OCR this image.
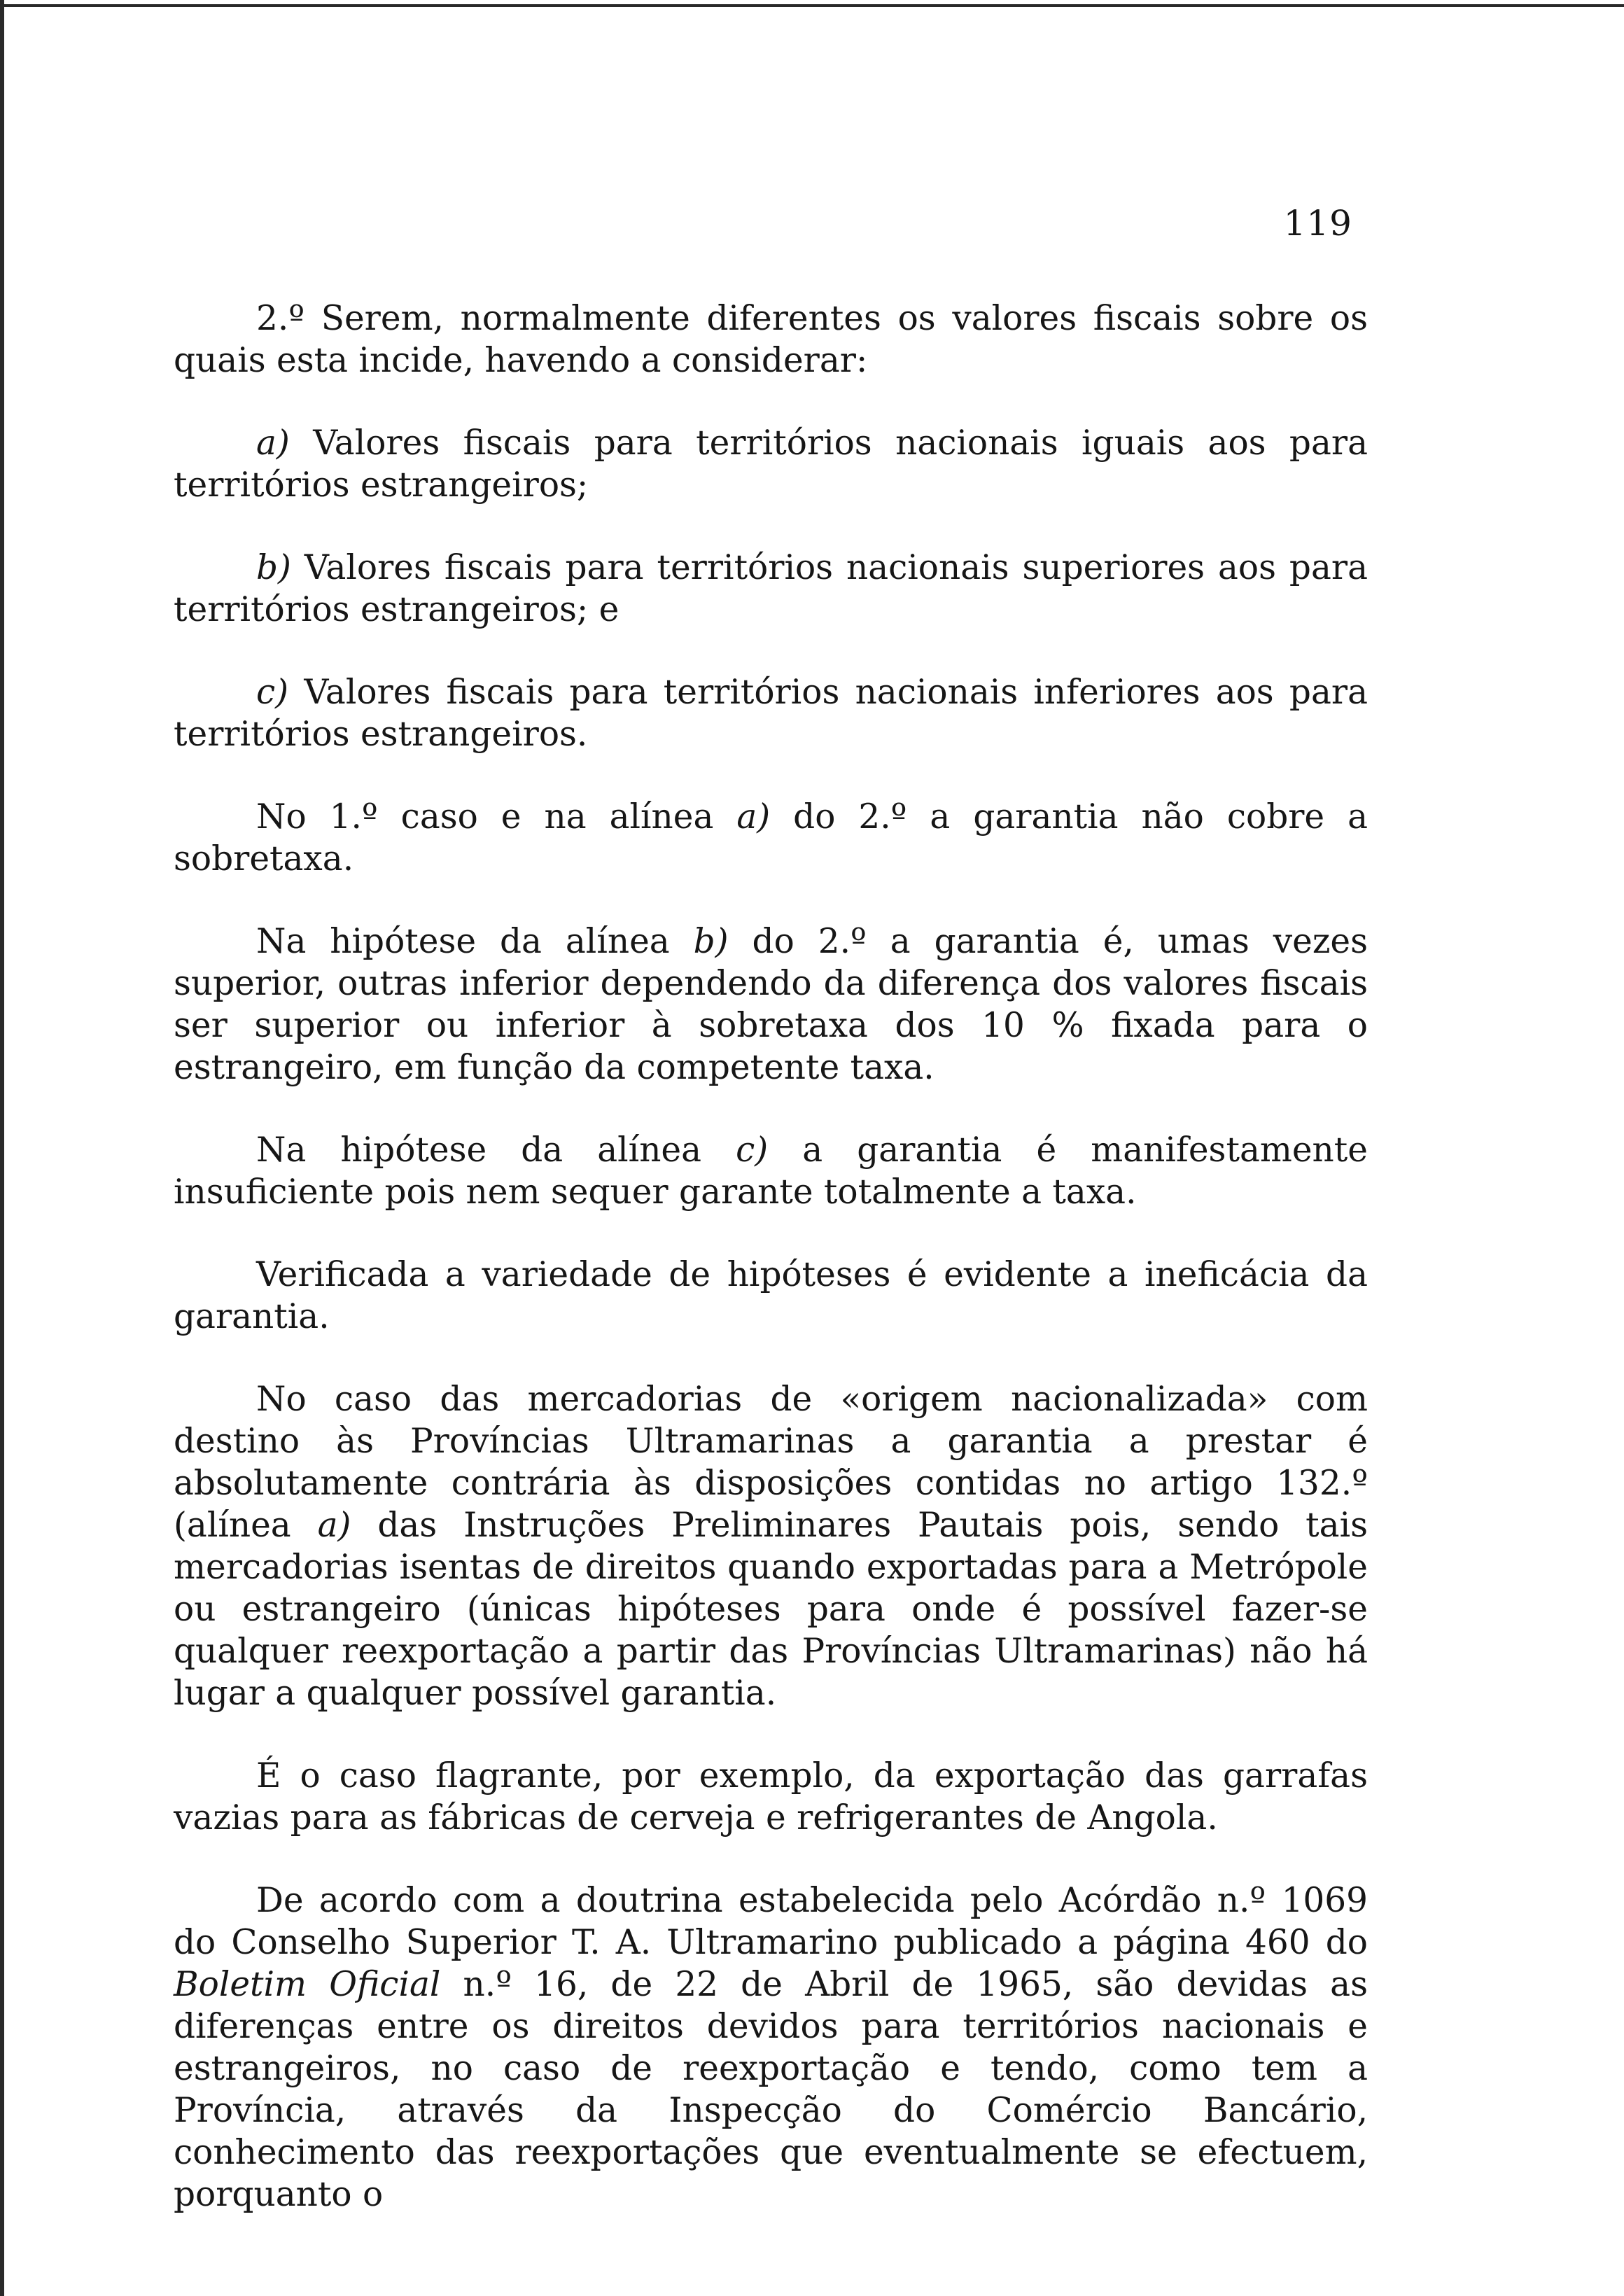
119

2.º Serem, normalmente diferentes os valores fiscais sobre os quais esta incide, havendo a considerar:

a) Valores fiscais para territórios nacionais iguais aos para territórios estrangeiros;

b) Valores fiscais para territórios nacionais superiores aos para territórios estrangeiros; e

c) Valores fiscais para territórios nacionais inferiores aos para territórios estrangeiros.

No 1.º caso e na alínea a) do 2.º a garantia não cobre a sobretaxa.

Na hipótese da alínea b) do 2.º a garantia é, umas vezes superior, outras inferior dependendo da diferença dos valores fiscais ser superior ou inferior à sobretaxa dos 10 % fixada para o estrangeiro, em função da competente taxa.

Na hipótese da alínea c) a garantia é manifestamente insuficiente pois nem sequer garante totalmente a taxa.

Verificada a variedade de hipóteses é evidente a ineficácia da garantia.

No caso das mercadorias de «origem nacionalizada» com destino às Províncias Ultramarinas a garantia a prestar é absolutamente contrária às disposições contidas no artigo 132.º (alínea a) das Instruções Preliminares Pautais pois, sendo tais mercadorias isentas de direitos quando exportadas para a Metrópole ou estrangeiro (únicas hipóteses para onde é possível fazer-se qualquer reexportação a partir das Províncias Ultramarinas) não há lugar a qualquer possível garantia.

É o caso flagrante, por exemplo, da exportação das garrafas vazias para as fábricas de cerveja e refrigerantes de Angola.

De acordo com a doutrina estabelecida pelo Acórdão n.º 1069 do Conselho Superior T. A. Ultramarino publicado a página 460 do Boletim Oficial n.º 16, de 22 de Abril de 1965, são devidas as diferenças entre os direitos devidos para territórios nacionais e estrangeiros, no caso de reexportação e tendo, como tem a Província, através da Inspecção do Comércio Bancário, conhecimento das reexportações que eventualmente se efectuem, porquanto o
